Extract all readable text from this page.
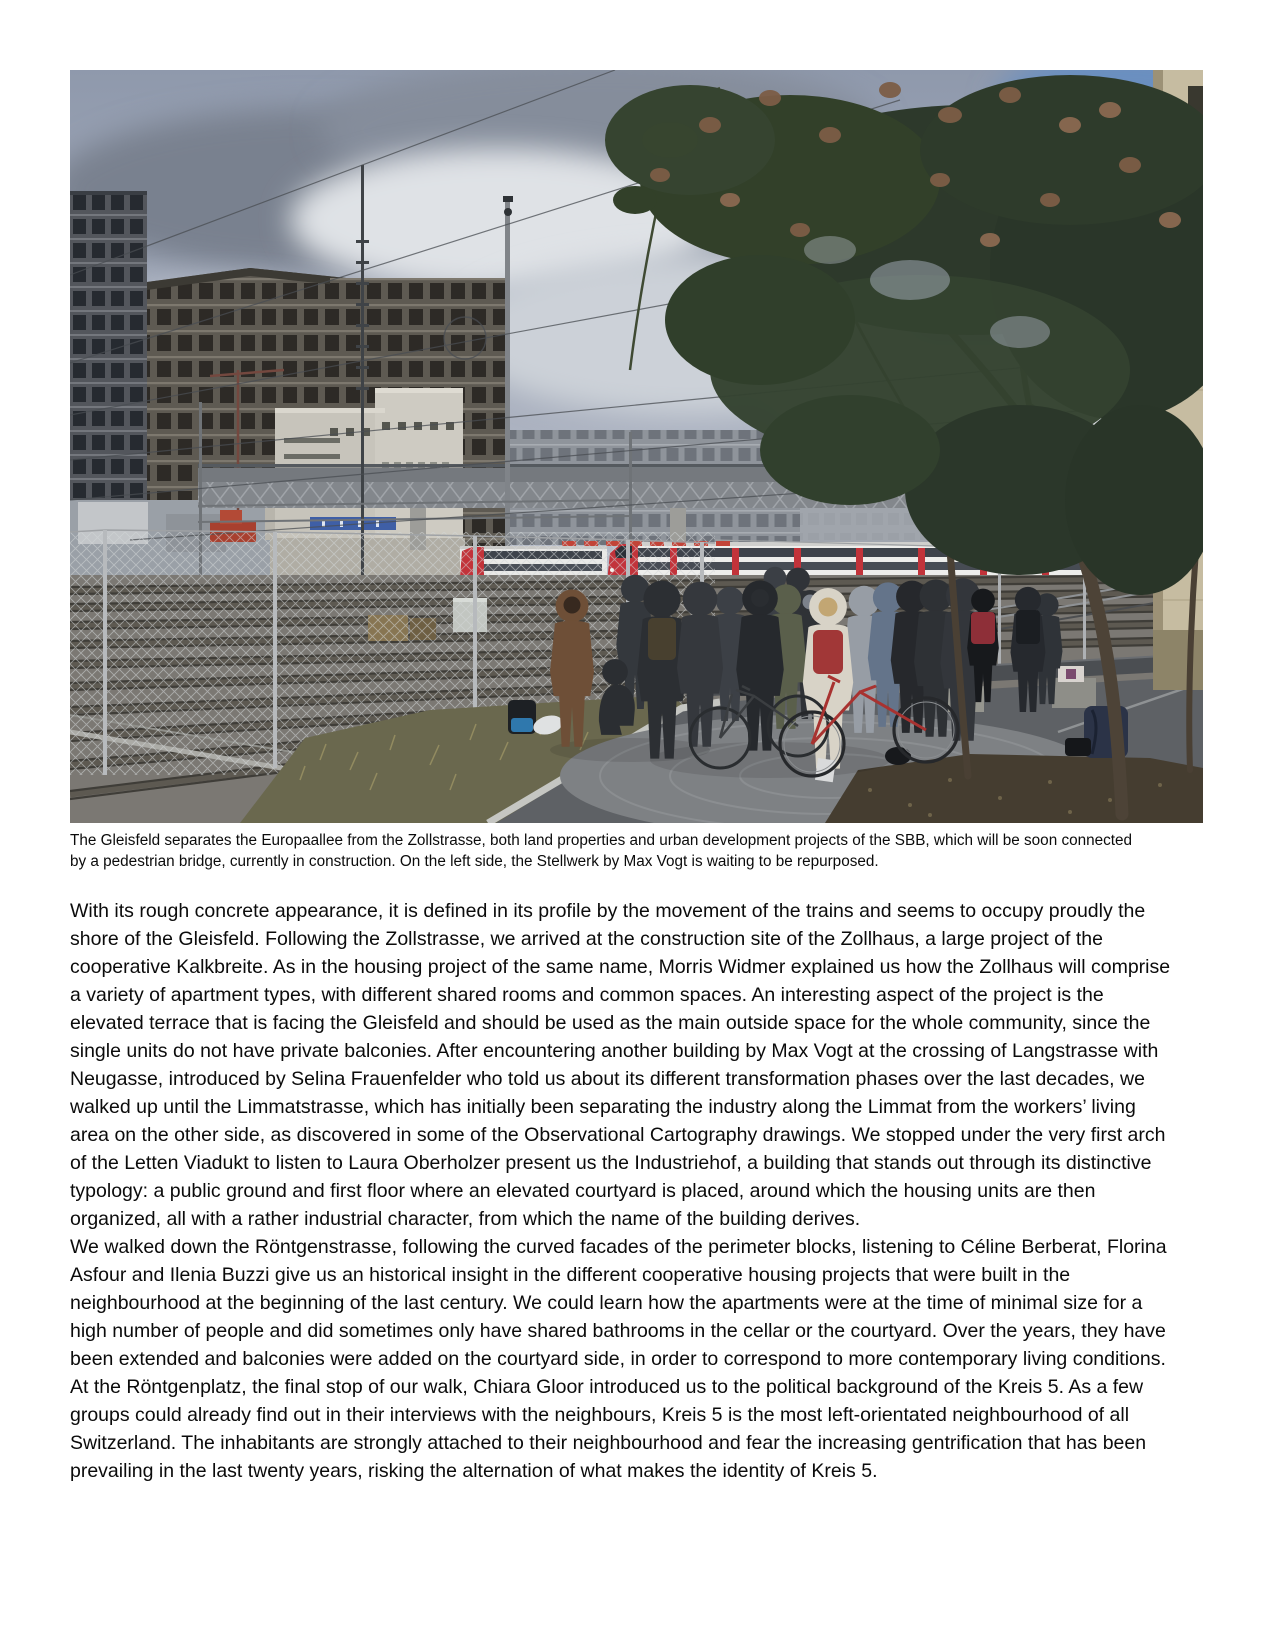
The Gleisfeld separates the Europaallee from the Zollstrasse, both land properties and urban development projects of the SBB, which will be soon connected by a pedestrian bridge, currently in construction. On the left side, the Stellwerk by Max Vogt is waiting to be repurposed.

With its rough concrete appearance, it is defined in its profile by the movement of the trains and seems to occupy proudly the shore of the Gleisfeld. Following the Zollstrasse, we arrived at the construction site of the Zollhaus, a large project of the cooperative Kalkbreite. As in the housing project of the same name, Morris Widmer explained us how the Zollhaus will comprise a variety of apartment types, with different shared rooms and common spaces. An interesting aspect of the project is the elevated terrace that is facing the Gleisfeld and should be used as the main outside space for the whole community, since the single units do not have private balconies. After encountering another building by Max Vogt at the crossing of Langstrasse with Neugasse, introduced by Selina Frauenfelder who told us about its different transformation phases over the last decades, we walked up until the Limmatstrasse, which has initially been separating the industry along the Limmat from the workers’ living area on the other side, as discovered in some of the Observational Cartography drawings. We stopped under the very first arch of the Letten Viadukt to listen to Laura Oberholzer present us the Industriehof, a building that stands out through its distinctive typology: a public ground and first floor where an elevated courtyard is placed, around which the housing units are then organized, all with a rather industrial character, from which the name of the building derives.

We walked down the Röntgenstrasse, following the curved facades of the perimeter blocks, listening to Céline Berberat, Florina Asfour and Ilenia Buzzi give us an historical insight in the different cooperative housing projects that were built in the neighbourhood at the beginning of the last century. We could learn how the apartments were at the time of minimal size for a high number of people and did sometimes only have shared bathrooms in the cellar or the courtyard. Over the years, they have been extended and balconies were added on the courtyard side, in order to correspond to more contemporary living conditions. At the Röntgenplatz, the final stop of our walk, Chiara Gloor introduced us to the political background of the Kreis 5. As a few groups could already find out in their interviews with the neighbours, Kreis 5 is the most left-orientated neighbourhood of all Switzerland. The inhabitants are strongly attached to their neighbourhood and fear the increasing gentrification that has been prevailing in the last twenty years, risking the alternation of what makes the identity of Kreis 5.
